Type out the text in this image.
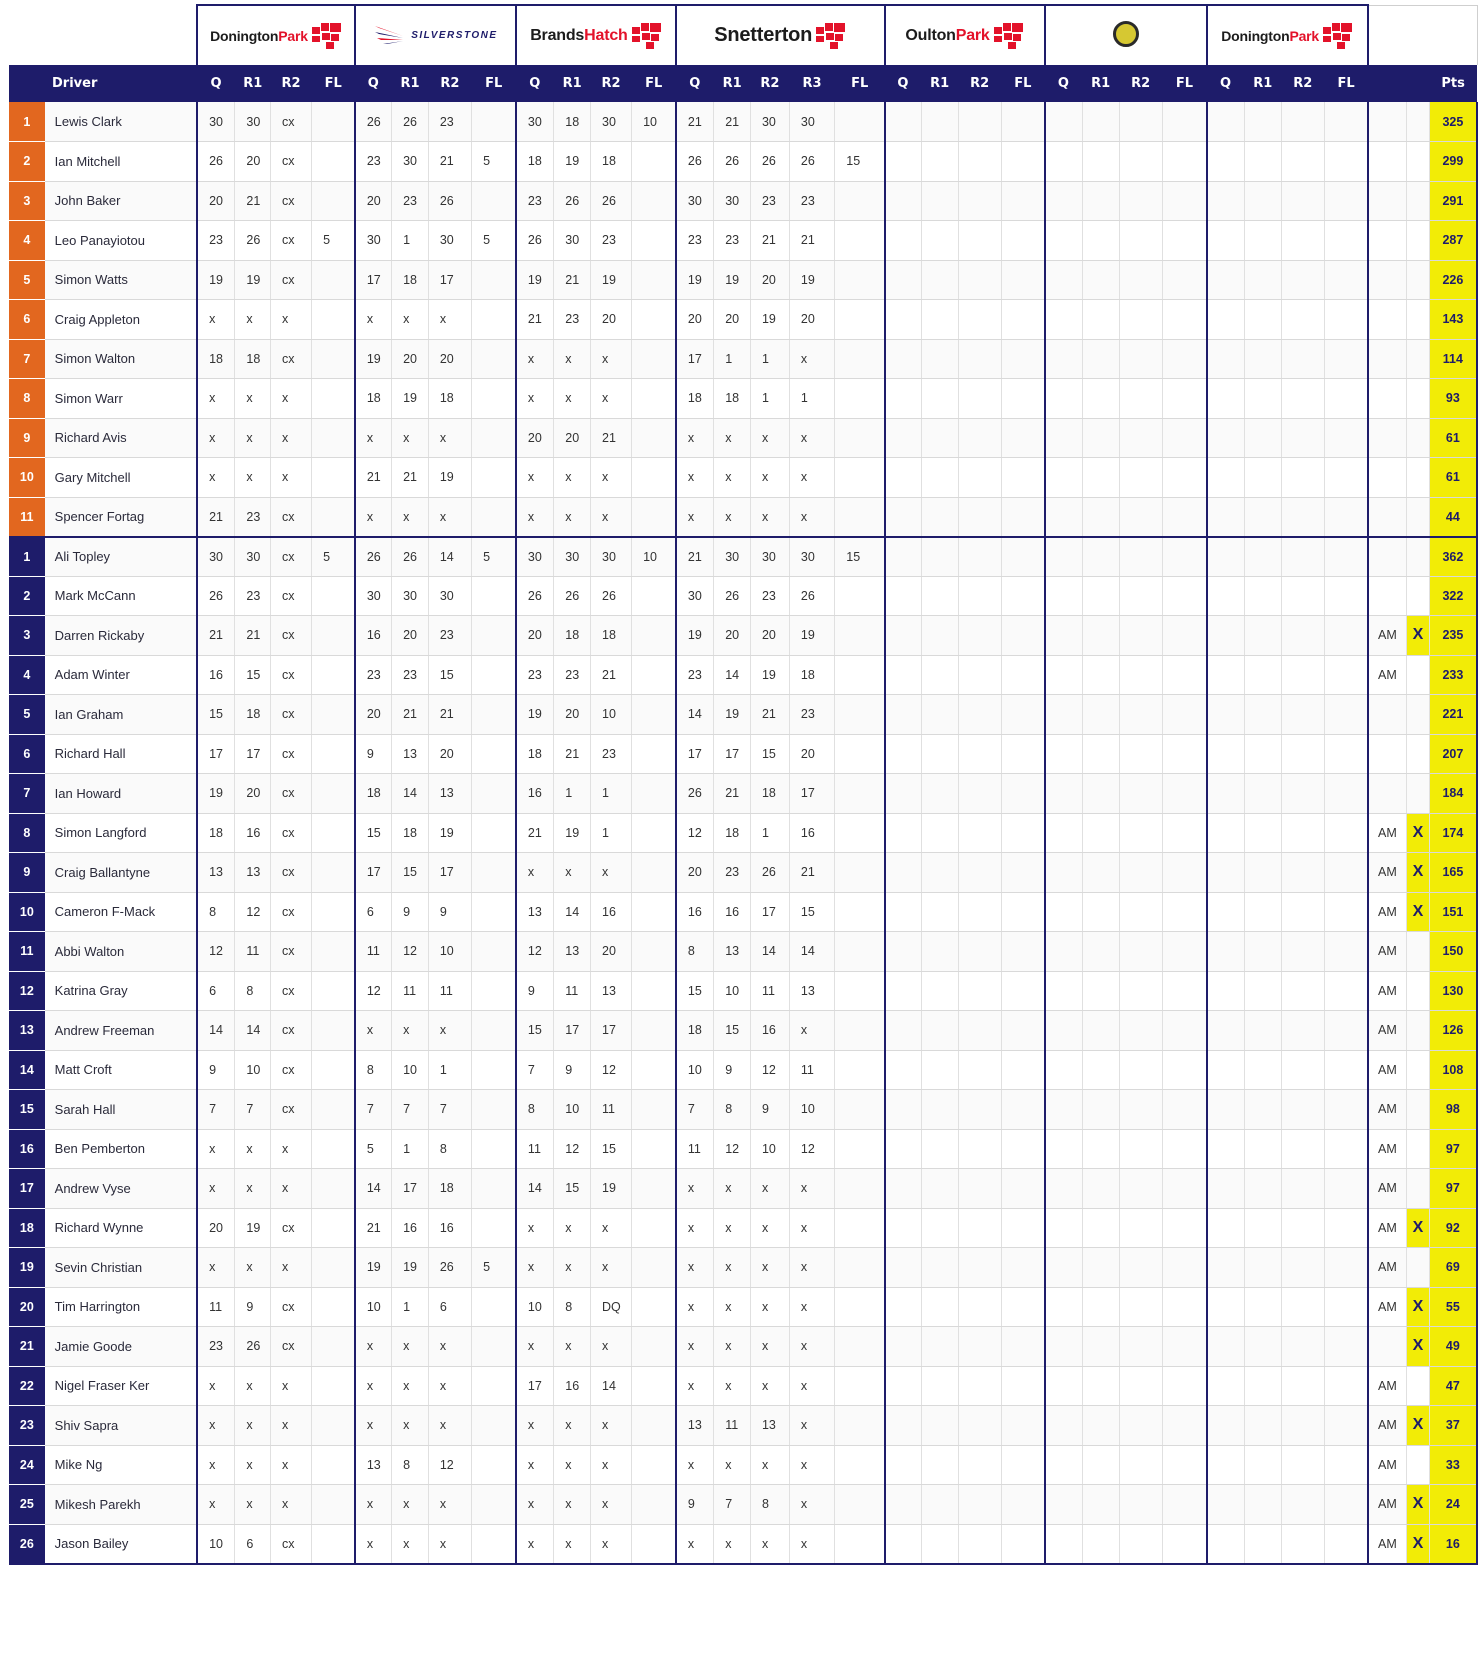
		DoningtonPark				SILVERSTONE				BrandsHatch				Snetterton					OultonPark								DoningtonPark						

Driver		Q	R1	R2	FL	Q	R1	R2	FL	Q	R1	R2	FL	Q	R1	R2	R3	FL	Q	R1	R2	FL	Q	R1	R2	FL	Q	R1	R2	FL			Pts
1	Lewis Clark	30	30	cx		26	26	23		30	18	30	10	21	21	30	30																325
2	Ian Mitchell	26	20	cx		23	30	21	5	18	19	18		26	26	26	26	15															299
3	John Baker	20	21	cx		20	23	26		23	26	26		30	30	23	23																291
4	Leo Panayiotou	23	26	cx	5	30	1	30	5	26	30	23		23	23	21	21																287
5	Simon Watts	19	19	cx		17	18	17		19	21	19		19	19	20	19																226
6	Craig Appleton	x	x	x		x	x	x		21	23	20		20	20	19	20																143
7	Simon Walton	18	18	cx		19	20	20		x	x	x		17	1	1	x																114
8	Simon Warr	x	x	x		18	19	18		x	x	x		18	18	1	1																93
9	Richard Avis	x	x	x		x	x	x		20	20	21		x	x	x	x																61
10	Gary Mitchell	x	x	x		21	21	19		x	x	x		x	x	x	x																61
11	Spencer Fortag	21	23	cx		x	x	x		x	x	x		x	x	x	x																44
1	Ali Topley	30	30	cx	5	26	26	14	5	30	30	30	10	21	30	30	30	15															362
2	Mark McCann	26	23	cx		30	30	30		26	26	26		30	26	23	26																322
3	Darren Rickaby	21	21	cx		16	20	23		20	18	18		19	20	20	19														AM	X	235
4	Adam Winter	16	15	cx		23	23	15		23	23	21		23	14	19	18														AM		233
5	Ian Graham	15	18	cx		20	21	21		19	20	10		14	19	21	23																221
6	Richard Hall	17	17	cx		9	13	20		18	21	23		17	17	15	20																207
7	Ian Howard	19	20	cx		18	14	13		16	1	1		26	21	18	17																184
8	Simon Langford	18	16	cx		15	18	19		21	19	1		12	18	1	16														AM	X	174
9	Craig Ballantyne	13	13	cx		17	15	17		x	x	x		20	23	26	21														AM	X	165
10	Cameron F-Mack	8	12	cx		6	9	9		13	14	16		16	16	17	15														AM	X	151
11	Abbi Walton	12	11	cx		11	12	10		12	13	20		8	13	14	14														AM		150
12	Katrina Gray	6	8	cx		12	11	11		9	11	13		15	10	11	13														AM		130
13	Andrew Freeman	14	14	cx		x	x	x		15	17	17		18	15	16	x														AM		126
14	Matt Croft	9	10	cx		8	10	1		7	9	12		10	9	12	11														AM		108
15	Sarah Hall	7	7	cx		7	7	7		8	10	11		7	8	9	10														AM		98
16	Ben Pemberton	x	x	x		5	1	8		11	12	15		11	12	10	12														AM		97
17	Andrew Vyse	x	x	x		14	17	18		14	15	19		x	x	x	x														AM		97
18	Richard Wynne	20	19	cx		21	16	16		x	x	x		x	x	x	x														AM	X	92
19	Sevin Christian	x	x	x		19	19	26	5	x	x	x		x	x	x	x														AM		69
20	Tim Harrington	11	9	cx		10	1	6		10	8	DQ		x	x	x	x														AM	X	55
21	Jamie Goode	23	26	cx		x	x	x		x	x	x		x	x	x	x															X	49
22	Nigel Fraser Ker	x	x	x		x	x	x		17	16	14		x	x	x	x														AM		47
23	Shiv Sapra	x	x	x		x	x	x		x	x	x		13	11	13	x														AM	X	37
24	Mike Ng	x	x	x		13	8	12		x	x	x		x	x	x	x														AM		33
25	Mikesh Parekh	x	x	x		x	x	x		x	x	x		9	7	8	x														AM	X	24
26	Jason Bailey	10	6	cx		x	x	x		x	x	x		x	x	x	x														AM	X	16
